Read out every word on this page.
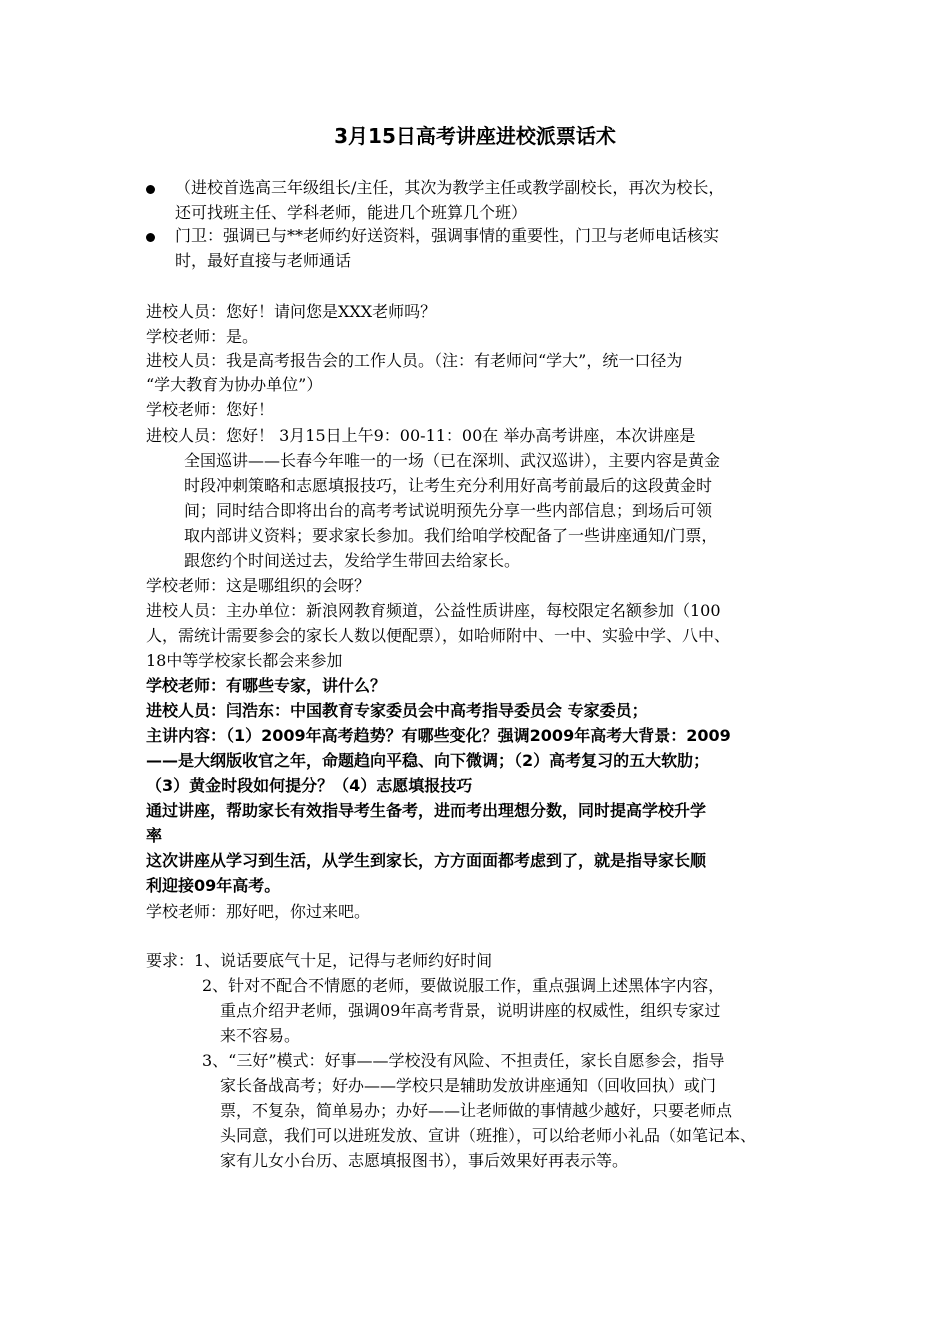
3月15日高考讲座进校派票话术
（进校首选高三年级组长/主任，其次为教学主任或教学副校长，再次为校长，
还可找班主任、学科老师，能进几个班算几个班）
门卫：强调已与**老师约好送资料，强调事情的重要性，门卫与老师电话核实
时，最好直接与老师通话
进校人员：您好！请问您是XXX老师吗？
学校老师：是。
进校人员：我是高考报告会的工作人员。（注：有老师问“学大”，统一口径为
“学大教育为协办单位”）
学校老师：您好！
进校人员：您好！ 3月15日上午9：00-11：00在 举办高考讲座，本次讲座是
全国巡讲——长春今年唯一的一场（已在深圳、武汉巡讲），主要内容是黄金
时段冲刺策略和志愿填报技巧，让考生充分利用好高考前最后的这段黄金时
间；同时结合即将出台的高考考试说明预先分享一些内部信息；到场后可领
取内部讲义资料；要求家长参加。我们给咱学校配备了一些讲座通知/门票，
跟您约个时间送过去，发给学生带回去给家长。
学校老师：这是哪组织的会呀？
进校人员：主办单位：新浪网教育频道，公益性质讲座，每校限定名额参加（100
人，需统计需要参会的家长人数以便配票），如哈师附中、一中、实验中学、八中、
18中等学校家长都会来参加
学校老师：有哪些专家，讲什么？
进校人员：闫浩东：中国教育专家委员会中高考指导委员会 专家委员；
主讲内容：（1）2009年高考趋势？有哪些变化？强调2009年高考大背景：2009
——是大纲版收官之年，命题趋向平稳、向下微调；（2）高考复习的五大软肋；
（3）黄金时段如何提分？（4）志愿填报技巧
通过讲座，帮助家长有效指导考生备考，进而考出理想分数，同时提高学校升学
率
这次讲座从学习到生活，从学生到家长，方方面面都考虑到了，就是指导家长顺
利迎接09年高考。
学校老师：那好吧，你过来吧。
要求：1、说话要底气十足，记得与老师约好时间
2、针对不配合不情愿的老师，要做说服工作，重点强调上述黑体字内容，
重点介绍尹老师，强调09年高考背景，说明讲座的权威性，组织专家过
来不容易。
3、“三好”模式：好事——学校没有风险、不担责任，家长自愿参会，指导
家长备战高考；好办——学校只是辅助发放讲座通知（回收回执）或门
票，不复杂，简单易办；办好——让老师做的事情越少越好，只要老师点
头同意，我们可以进班发放、宣讲（班推），可以给老师小礼品（如笔记本、
家有儿女小台历、志愿填报图书），事后效果好再表示等。
